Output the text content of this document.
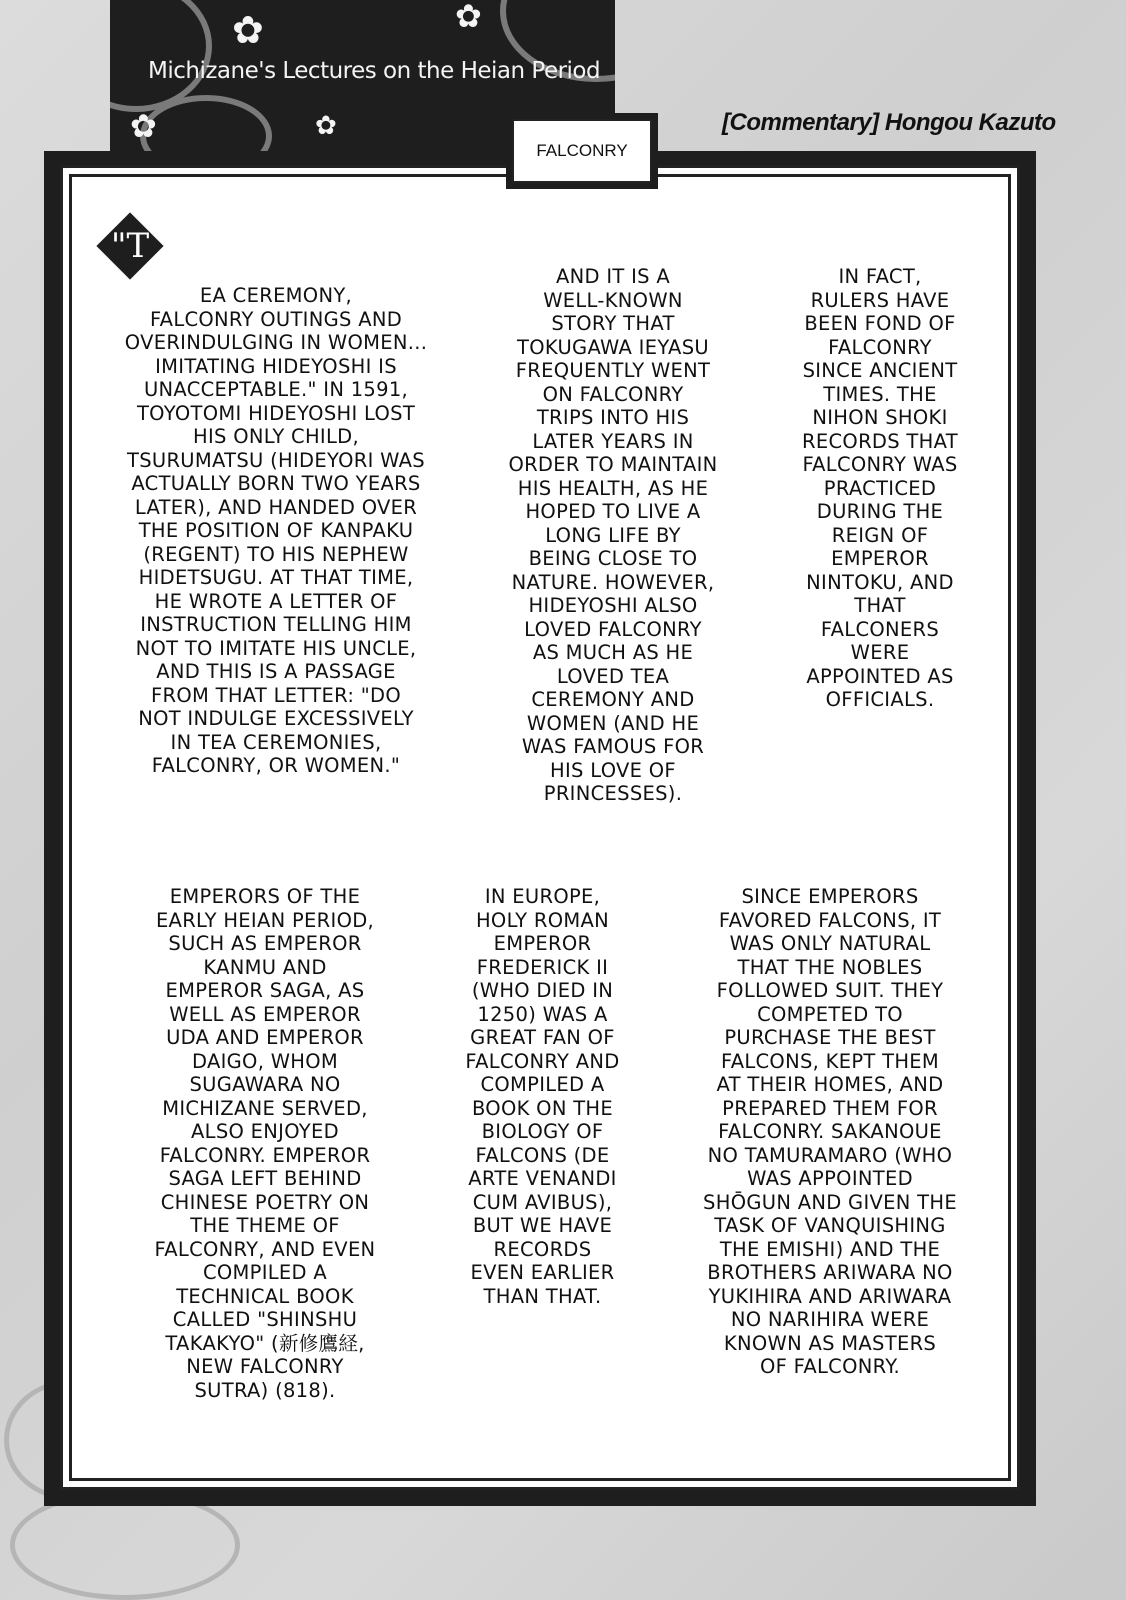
✿	✿
✿	✿
Michizane's Lectures on the Heian Period
[Commentary] Hongou Kazuto
FALCONRY
"T
EA CEREMONY,
FALCONRY OUTINGS AND
OVERINDULGING IN WOMEN...
IMITATING HIDEYOSHI IS
UNACCEPTABLE." IN 1591,
TOYOTOMI HIDEYOSHI LOST
HIS ONLY CHILD,
TSURUMATSU (HIDEYORI WAS
ACTUALLY BORN TWO YEARS
LATER), AND HANDED OVER
THE POSITION OF KANPAKU
(REGENT) TO HIS NEPHEW
HIDETSUGU. AT THAT TIME,
HE WROTE A LETTER OF
INSTRUCTION TELLING HIM
NOT TO IMITATE HIS UNCLE,
AND THIS IS A PASSAGE
FROM THAT LETTER: "DO
NOT INDULGE EXCESSIVELY
IN TEA CEREMONIES,
FALCONRY, OR WOMEN."
AND IT IS A
WELL-KNOWN
STORY THAT
TOKUGAWA IEYASU
FREQUENTLY WENT
ON FALCONRY
TRIPS INTO HIS
LATER YEARS IN
ORDER TO MAINTAIN
HIS HEALTH, AS HE
HOPED TO LIVE A
LONG LIFE BY
BEING CLOSE TO
NATURE. HOWEVER,
HIDEYOSHI ALSO
LOVED FALCONRY
AS MUCH AS HE
LOVED TEA
CEREMONY AND
WOMEN (AND HE
WAS FAMOUS FOR
HIS LOVE OF
PRINCESSES).
IN FACT,
RULERS HAVE
BEEN FOND OF
FALCONRY
SINCE ANCIENT
TIMES. THE
NIHON SHOKI
RECORDS THAT
FALCONRY WAS
PRACTICED
DURING THE
REIGN OF
EMPEROR
NINTOKU, AND
THAT
FALCONERS
WERE
APPOINTED AS
OFFICIALS.
EMPERORS OF THE
EARLY HEIAN PERIOD,
SUCH AS EMPEROR
KANMU AND
EMPEROR SAGA, AS
WELL AS EMPEROR
UDA AND EMPEROR
DAIGO, WHOM
SUGAWARA NO
MICHIZANE SERVED,
ALSO ENJOYED
FALCONRY. EMPEROR
SAGA LEFT BEHIND
CHINESE POETRY ON
THE THEME OF
FALCONRY, AND EVEN
COMPILED A
TECHNICAL BOOK
CALLED "SHINSHU
TAKAKYO" (新修鷹経,
NEW FALCONRY
SUTRA) (818).
IN EUROPE,
HOLY ROMAN
EMPEROR
FREDERICK II
(WHO DIED IN
1250) WAS A
GREAT FAN OF
FALCONRY AND
COMPILED A
BOOK ON THE
BIOLOGY OF
FALCONS (DE
ARTE VENANDI
CUM AVIBUS),
BUT WE HAVE
RECORDS
EVEN EARLIER
THAN THAT.
SINCE EMPERORS
FAVORED FALCONS, IT
WAS ONLY NATURAL
THAT THE NOBLES
FOLLOWED SUIT. THEY
COMPETED TO
PURCHASE THE BEST
FALCONS, KEPT THEM
AT THEIR HOMES, AND
PREPARED THEM FOR
FALCONRY. SAKANOUE
NO TAMURAMARO (WHO
WAS APPOINTED
SHŌGUN AND GIVEN THE
TASK OF VANQUISHING
THE EMISHI) AND THE
BROTHERS ARIWARA NO
YUKIHIRA AND ARIWARA
NO NARIHIRA WERE
KNOWN AS MASTERS
OF FALCONRY.
